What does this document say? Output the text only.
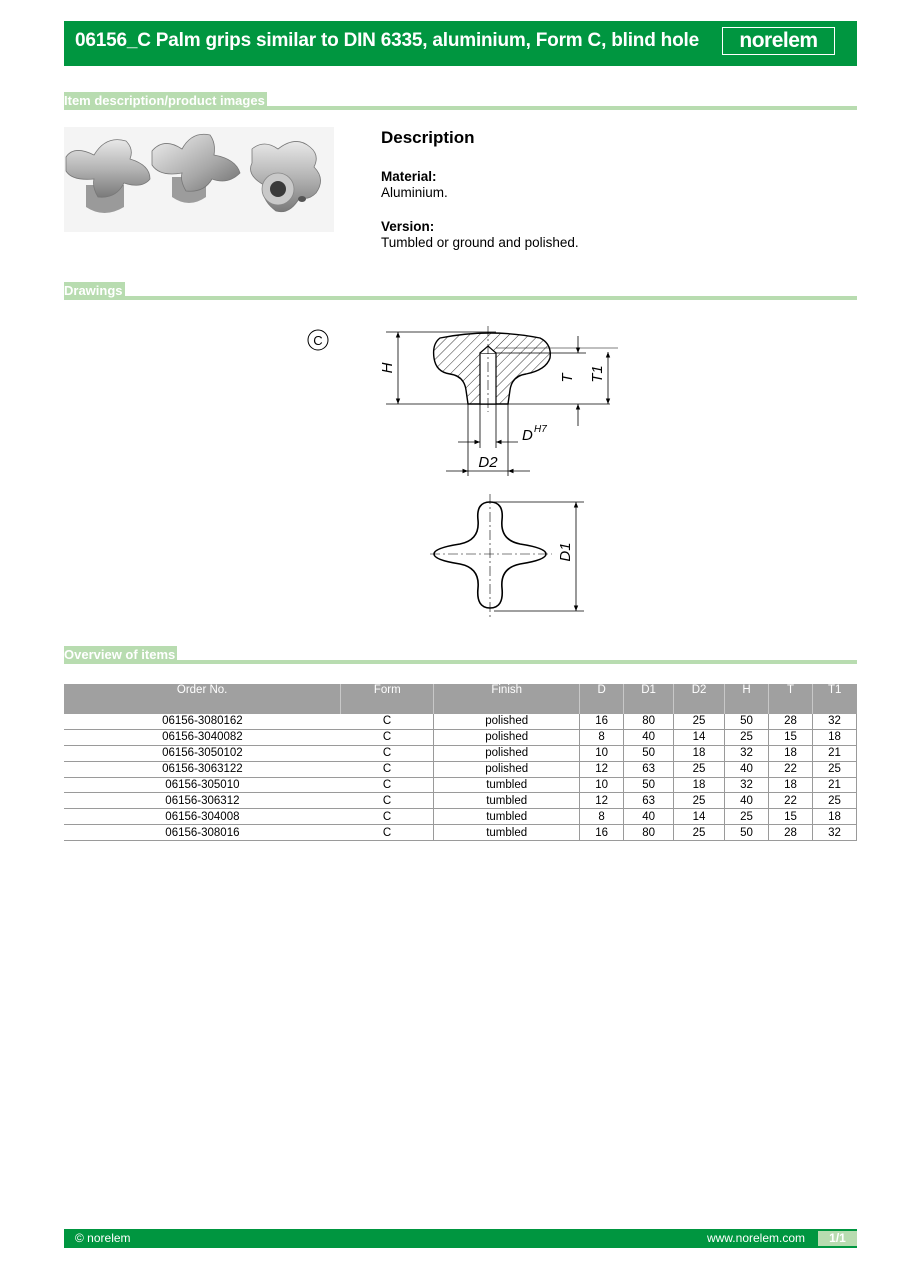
06156_C Palm grips similar to DIN 6335, aluminium, Form C, blind hole	norelem
Item description/product images
Description
Material:
Aluminium.
Version:
Tumbled or ground and polished.
Drawings
C
H
T T1
D H7
D2
D1
Overview of items
Order No.	Form	Finish	D	D1	D2	H	T	T1
06156-3080162	C	polished	16	80	25	50	28	32
06156-3040082	C	polished	8	40	14	25	15	18
06156-3050102	C	polished	10	50	18	32	18	21
06156-3063122	C	polished	12	63	25	40	22	25
06156-305010	C	tumbled	10	50	18	32	18	21
06156-306312	C	tumbled	12	63	25	40	22	25
06156-304008	C	tumbled	8	40	14	25	15	18
06156-308016	C	tumbled	16	80	25	50	28	32
© norelem	www.norelem.com	1/1
